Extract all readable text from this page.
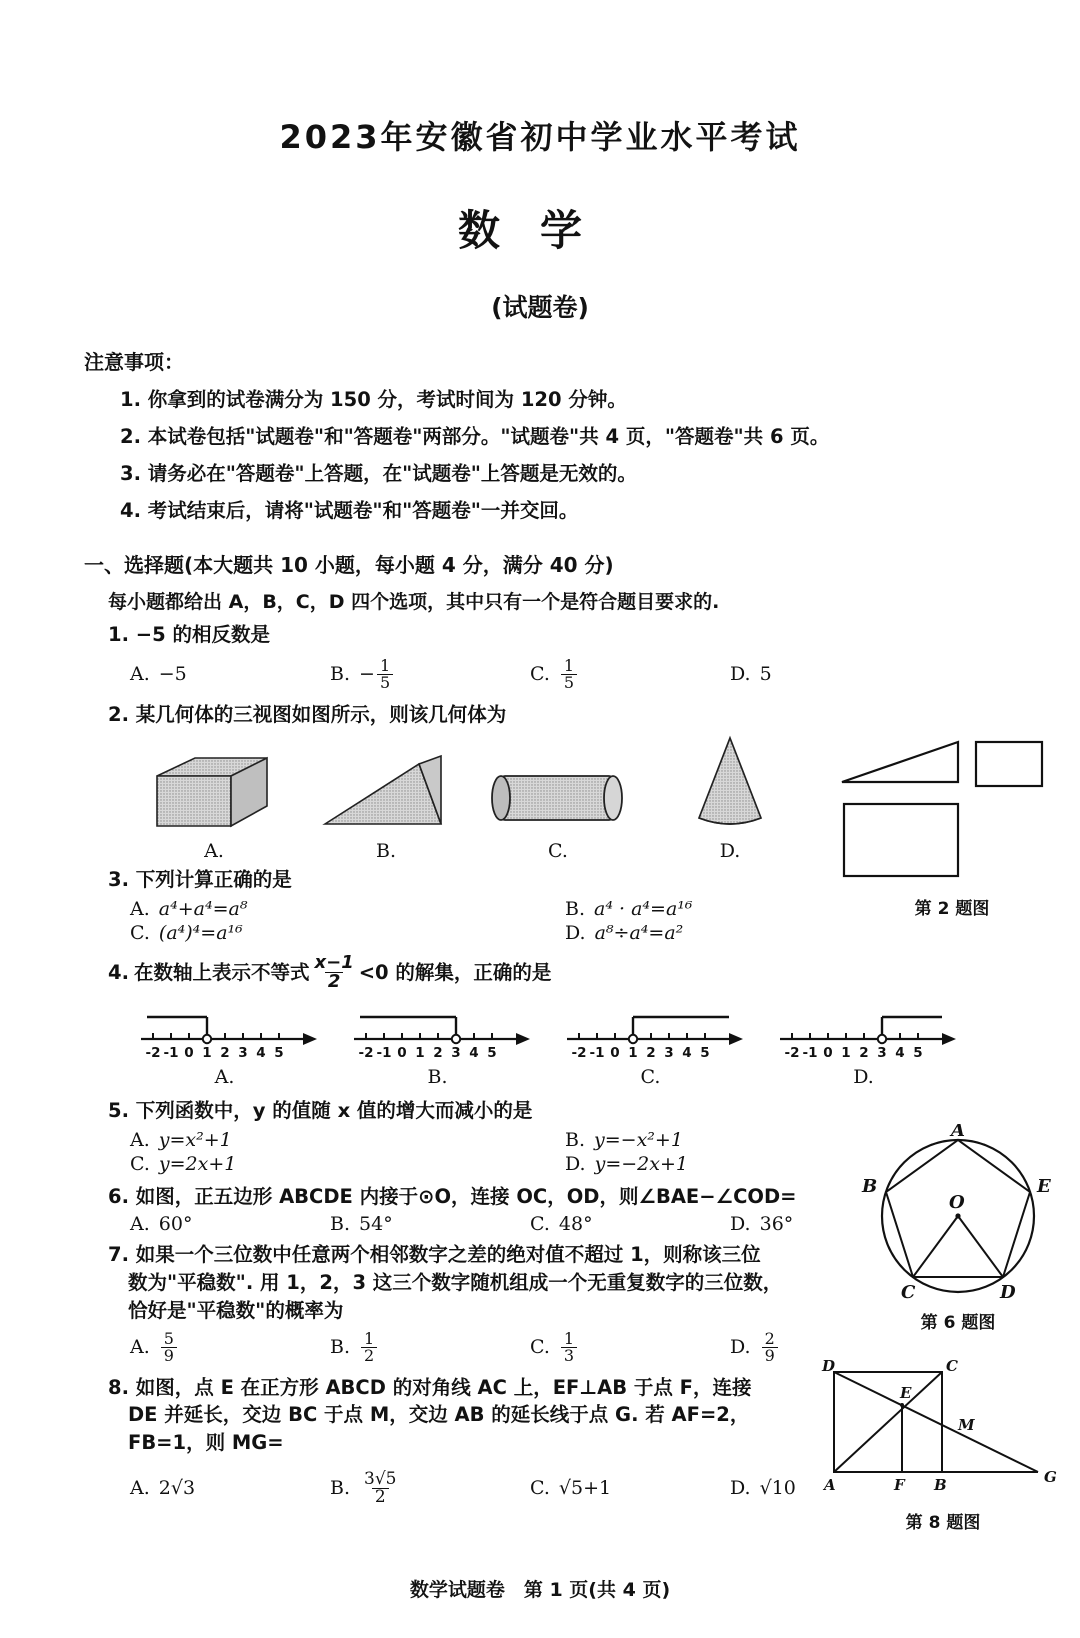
2023年安徽省初中学业水平考试
数学
(试题卷)
注意事项：
1. 你拿到的试卷满分为 150 分，考试时间为 120 分钟。
2. 本试卷包括"试题卷"和"答题卷"两部分。"试题卷"共 4 页，"答题卷"共 6 页。
3. 请务必在"答题卷"上答题，在"试题卷"上答题是无效的。
4. 考试结束后，请将"试题卷"和"答题卷"一并交回。
一、选择题(本大题共 10 小题，每小题 4 分，满分 40 分)
每小题都给出 A，B，C，D 四个选项，其中只有一个是符合题目要求的.
1. −5 的相反数是
A. −5	B. − $\frac{1}{5}$	C. $\frac{1}{5}$	D. 5
2. 某几何体的三视图如图所示，则该几何体为
A.	B.	C.	D.
第 2 题图
3. 下列计算正确的是
A. a⁴+a⁴=a⁸	B. a⁴ · a⁴=a¹⁶
C. (a⁴)⁴=a¹⁶	D. a⁸÷a⁴=a²
4. 在数轴上表示不等式 $\frac{x-1}{2} <0$ 的解集，正确的是
-2 -1 0 1 2 3 4 5
A.
-2 -1 0 1 2 3 4 5
B.
-2 -1 0 1 2 3 4 5
C.
-2 -1 0 1 2 3 4 5
D.
5. 下列函数中，y 的值随 x 值的增大而减小的是
A. y=x²+1	B. y=−x²+1
C. y=2x+1	D. y=−2x+1
6. 如图，正五边形 ABCDE 内接于⊙O，连接 OC，OD，则∠BAE−∠COD=
A. 60°	B. 54°	C. 48°	D. 36°
A
B
C	D
E
O
第 6 题图
7. 如果一个三位数中任意两个相邻数字之差的绝对值不超过 1，则称该三位
数为"平稳数". 用 1，2，3 这三个数字随机组成一个无重复数字的三位数，
恰好是"平稳数"的概率为
A. $\frac{5}{9}$	B. $\frac{1}{2}$	C. $\frac{1}{3}$	D. $\frac{2}{9}$
8. 如图，点 E 在正方形 ABCD 的对角线 AC 上，EF⊥AB 于点 F，连接
DE 并延长，交边 BC 于点 M，交边 AB 的延长线于点 G. 若 AF=2，
FB=1，则 MG=
A. 2√3	B. $\frac{3√5}{2}$	C. √5+1	D. √10 A	B
C
D
E
F	G
M
第 8 题图
数学试题卷　第 1 页(共 4 页)
